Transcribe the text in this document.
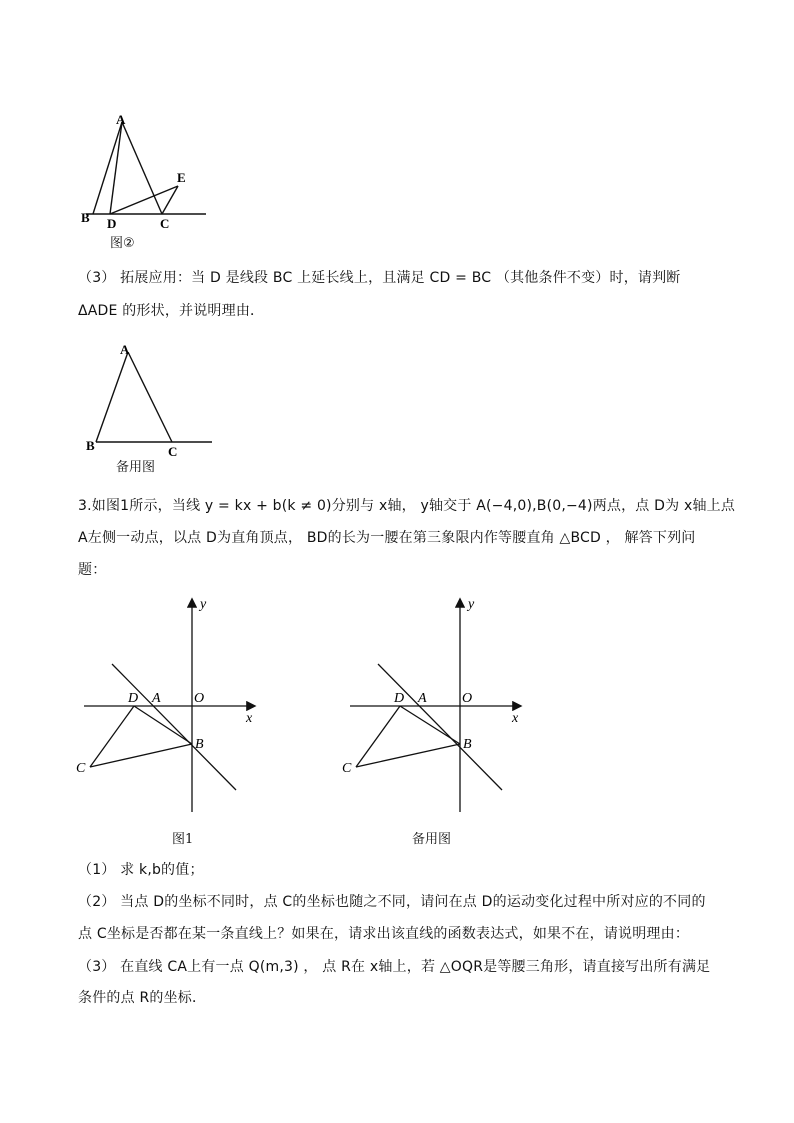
A
B D	C
E
图②
（3） 拓展应用：当 D 是线段 BC 上延长线上，且满足 CD = BC （其他条件不变）时，请判断
ΔADE 的形状，并说明理由．
A
B	C
备用图
3.如图1所示，当线 y = kx + b(k ≠ 0)分别与 x轴， y轴交于 A(−4,0),B(0,−4)两点，点 D为 x轴上点
A左侧一动点，以点 D为直角顶点， BD的长为一腰在第三象限内作等腰直角 △BCD ， 解答下列问
题：
y
x
D A O
B
C
图1
y
x
D A	O
B
C
备用图
（1） 求 k,b的值；
（2） 当点 D的坐标不同时，点 C的坐标也随之不同，请问在点 D的运动变化过程中所对应的不同的
点 C坐标是否都在某一条直线上？如果在，请求出该直线的函数表达式，如果不在，请说明理由：
（3） 在直线 CA上有一点 Q(m,3) ， 点 R在 x轴上，若 △OQR是等腰三角形，请直接写出所有满足
条件的点 R的坐标．
